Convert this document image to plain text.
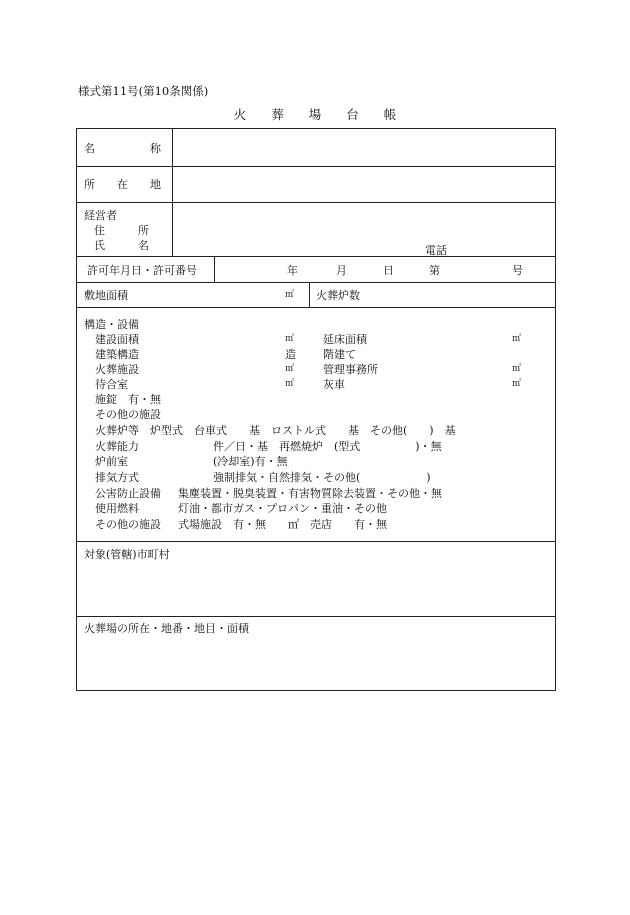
様式第11号(第10条関係)
火　　葬　　場　　台　　帳
名　　　　　称
所　　在　　地
経営者
住　　　所
氏　　　名	電話
許可年月日・許可番号	年	月	日	第	号
敷地面積	㎡ 火葬炉数
構造・設備
建設面積	㎡	延床面積	㎡
建築構造	造 階建て
火葬施設	㎡	管理事務所	㎡
待合室	㎡	灰車	㎡
施錠　有・無
その他の施設
火葬炉等　炉型式　台車式　　基　ロストル式　　基　その他(　　)　基
火葬能力	件／日・基　再燃焼炉　(型式　　　　　)・無
炉前室	(冷却室)有・無
排気方式	強制排気・自然排気・その他(　　　　　　)
公害防止設備 集塵装置・脱臭装置・有害物質除去装置・その他・無
使用燃料	灯油・都市ガス・プロパン・重油・その他
その他の施設 式場施設　有・無　　㎡　売店　　有・無
対象(管轄)市町村
火葬場の所在・地番・地目・面積
